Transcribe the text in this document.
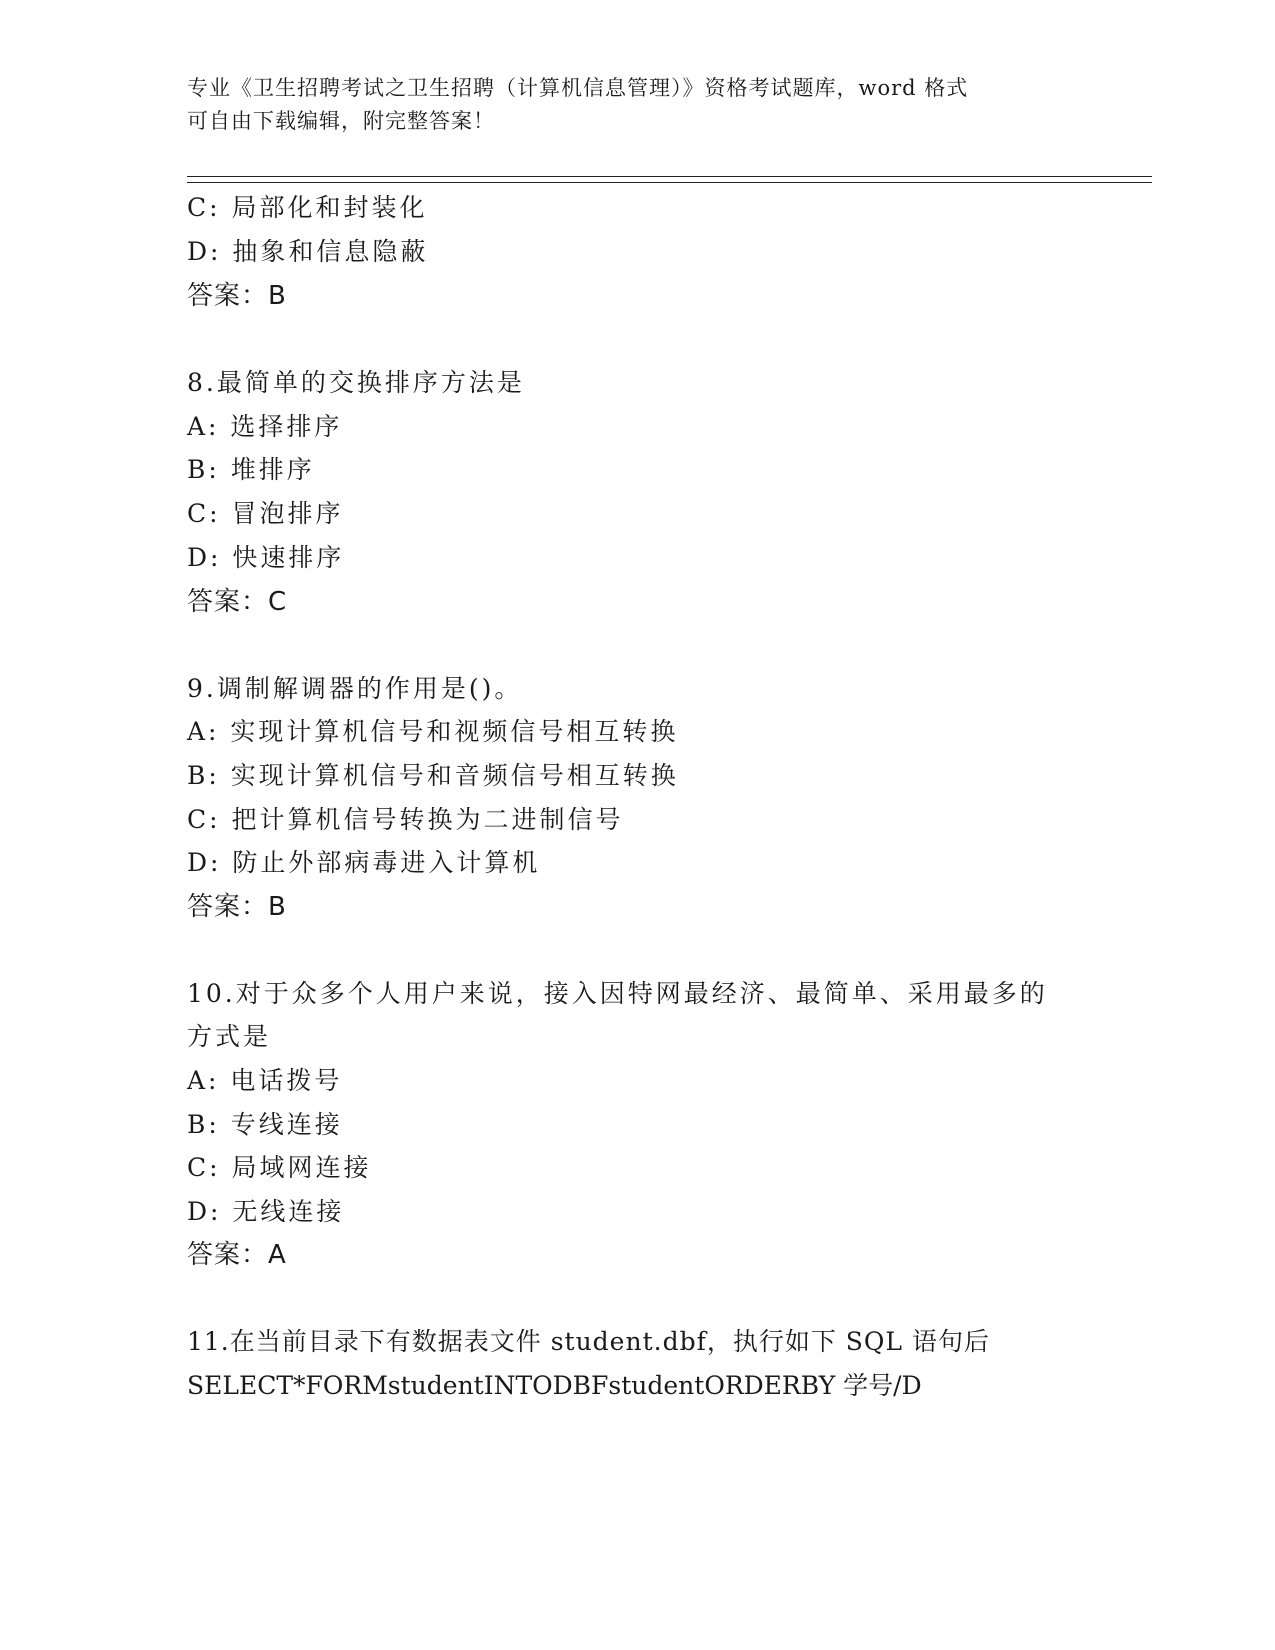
专业《卫生招聘考试之卫生招聘（计算机信息管理）》资格考试题库，word 格式
可自由下载编辑，附完整答案！
C: 局部化和封装化
D: 抽象和信息隐蔽
答案：B
8.最简单的交换排序方法是
A: 选择排序
B: 堆排序
C: 冒泡排序
D: 快速排序
答案：C
9.调制解调器的作用是()。
A: 实现计算机信号和视频信号相互转换
B: 实现计算机信号和音频信号相互转换
C: 把计算机信号转换为二进制信号
D: 防止外部病毒进入计算机
答案：B
10.对于众多个人用户来说，接入因特网最经济、最简单、采用最多的
方式是
A: 电话拨号
B: 专线连接
C: 局域网连接
D: 无线连接
答案：A
11.在当前目录下有数据表文件 student.dbf，执行如下 SQL 语句后
SELECT*FORMstudentINTODBFstudentORDERBY 学号/D
